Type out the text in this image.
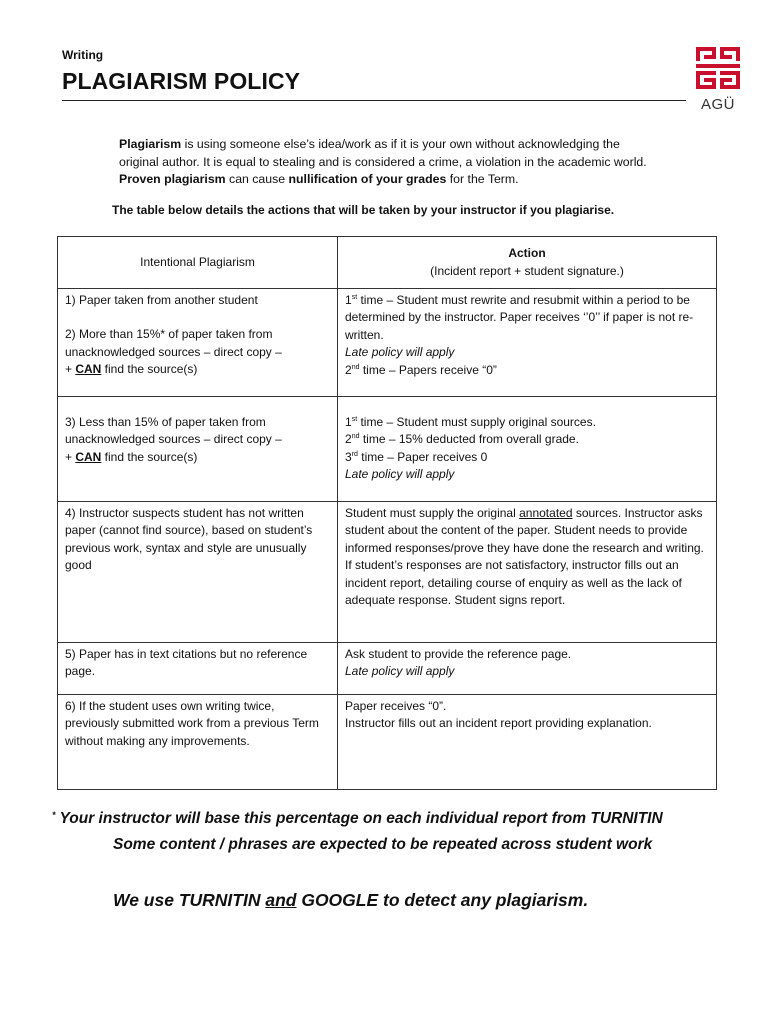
Writing
PLAGIARISM POLICY
AGÜ
Plagiarism is using someone else’s idea/work as if it is your own without acknowledging the original author. It is equal to stealing and is considered a crime, a violation in the academic world. Proven plagiarism can cause nullification of your grades for the Term.
The table below details the actions that will be taken by your instructor if you plagiarise.
Intentional Plagiarism	Action
(Incident report + student signature.)

1) Paper taken from another student
2) More than 15%* of paper taken from unacknowledged sources – direct copy –
+ CAN find the source(s)	1st time – Student must rewrite and resubmit within a period to be determined by the instructor. Paper receives ‘’0’’ if paper is not re-written.
Late policy will apply
2nd time – Papers receive “0”

3) Less than 15% of paper taken from unacknowledged sources – direct copy –
+ CAN find the source(s)	1st time – Student must supply original sources.
2nd time – 15% deducted from overall grade.
3rd time – Paper receives 0
Late policy will apply

4) Instructor suspects student has not written paper (cannot find source), based on student’s previous work, syntax and style are unusually good	Student must supply the original annotated sources. Instructor asks student about the content of the paper. Student needs to provide informed responses/prove they have done the research and writing. If student’s responses are not satisfactory, instructor fills out an incident report, detailing course of enquiry as well as the lack of adequate response. Student signs report.

5) Paper has in text citations but no reference page.	Ask student to provide the reference page.
Late policy will apply

6) If the student uses own writing twice, previously submitted work from a previous Term without making any improvements.	Paper receives “0”.
Instructor fills out an incident report providing explanation.
* Your instructor will base this percentage on each individual report from TURNITIN
Some content / phrases are expected to be repeated across student work
We use TURNITIN and GOOGLE to detect any plagiarism.
